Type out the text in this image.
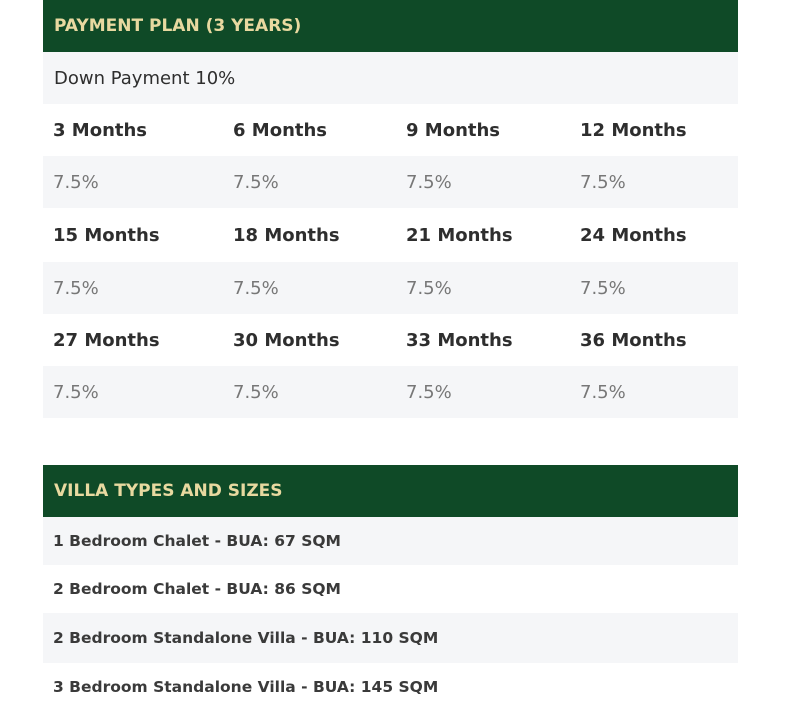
PAYMENT PLAN (3 YEARS)
Down Payment 10%
3 Months	6 Months	9 Months	12 Months
7.5%	7.5%	7.5%	7.5%
15 Months	18 Months	21 Months	24 Months
7.5%	7.5%	7.5%	7.5%
27 Months	30 Months	33 Months	36 Months
7.5%	7.5%	7.5%	7.5%
VILLA TYPES AND SIZES
1 Bedroom Chalet - BUA: 67 SQM
2 Bedroom Chalet - BUA: 86 SQM
2 Bedroom Standalone Villa - BUA: 110 SQM
3 Bedroom Standalone Villa - BUA: 145 SQM
